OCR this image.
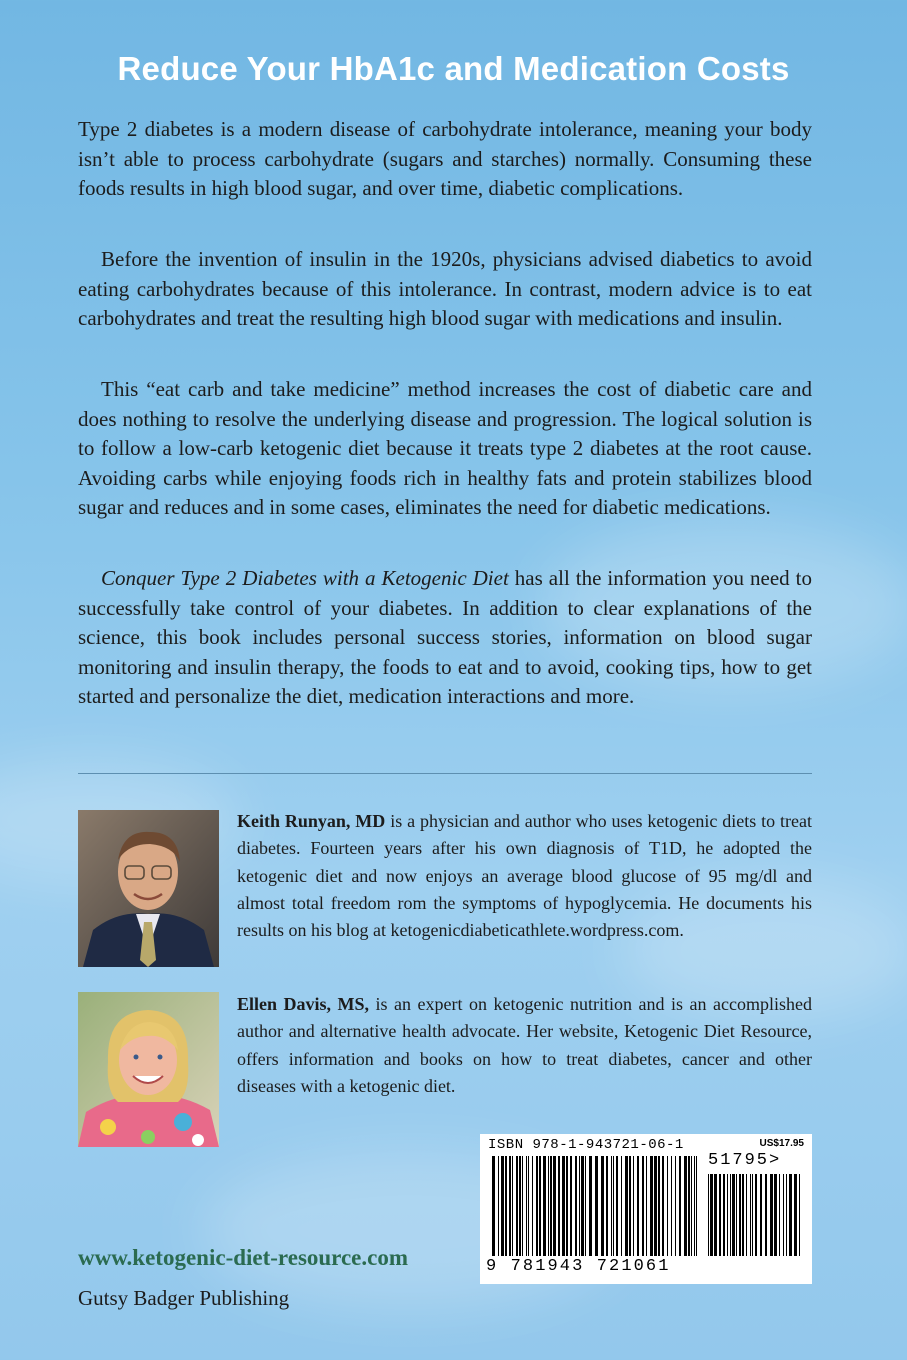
Reduce Your HbA1c and Medication Costs

Type 2 diabetes is a modern disease of carbohydrate intolerance, meaning your body isn’t able to process carbohydrate (sugars and starches) normally. Consuming these foods results in high blood sugar, and over time, diabetic complications.

Before the invention of insulin in the 1920s, physicians advised diabetics to avoid eating carbohydrates because of this intolerance. In contrast, modern advice is to eat carbohydrates and treat the resulting high blood sugar with medications and insulin.

This “eat carb and take medicine” method increases the cost of diabetic care and does nothing to resolve the underlying disease and progression. The logical solution is to follow a low-carb ketogenic diet because it treats type 2 diabetes at the root cause. Avoiding carbs while enjoying foods rich in healthy fats and protein stabilizes blood sugar and reduces and in some cases, eliminates the need for diabetic medications.

Conquer Type 2 Diabetes with a Ketogenic Diet has all the information you need to successfully take control of your diabetes. In addition to clear explanations of the science, this book includes personal success stories, information on blood sugar monitoring and insulin therapy, the foods to eat and to avoid, cooking tips, how to get started and personalize the diet, medication interactions and more.

Keith Runyan, MD is a physician and author who uses ketogenic diets to treat diabetes. Fourteen years after his own diagnosis of T1D, he adopted the ketogenic diet and now enjoys an average blood glucose of 95 mg/dl and almost total freedom rom the symptoms of hypoglycemia. He documents his results on his blog at ketogenicdiabeticathlete.wordpress.com.

Ellen Davis, MS, is an expert on ketogenic nutrition and is an accomplished author and alternative health advocate. Her website, Ketogenic Diet Resource, offers information and books on how to treat diabetes, cancer and other diseases with a ketogenic diet.

ISBN 978-1-943721-06-1	US$17.95
51795>
9 781943 721061
www.ketogenic-diet-resource.com
Gutsy Badger Publishing
